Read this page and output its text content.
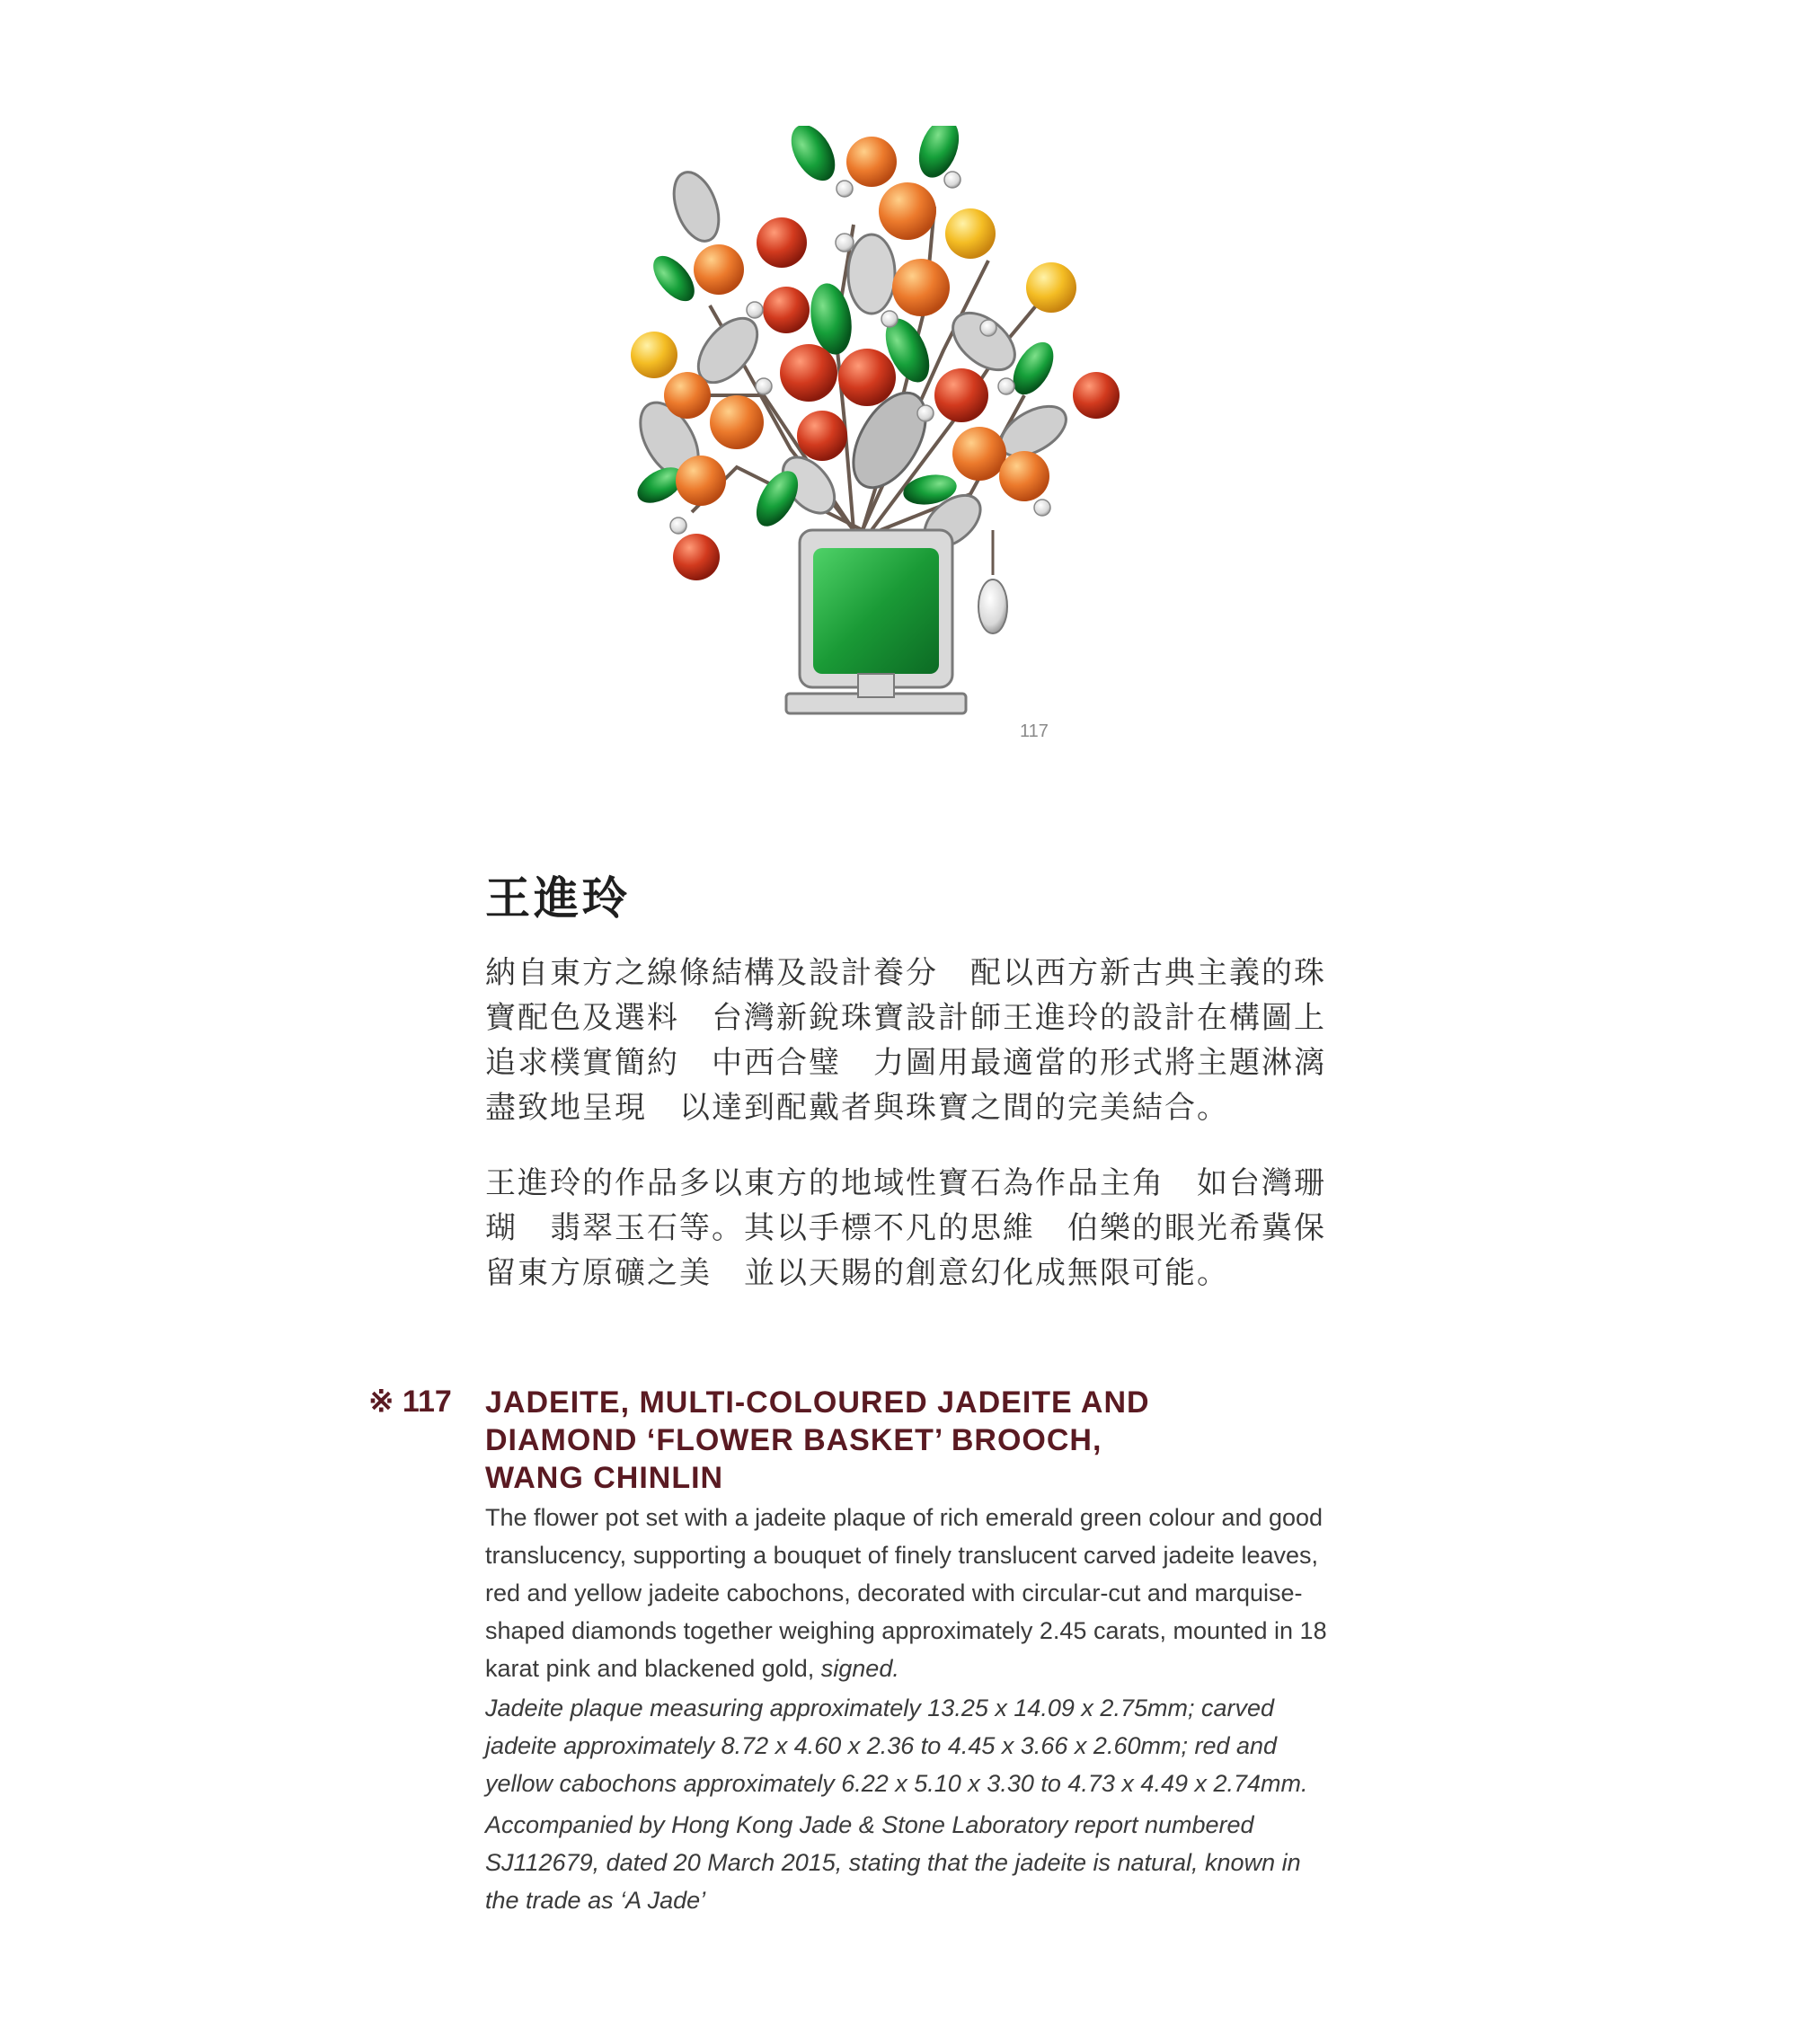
117
王進玲

納自東方之線條結構及設計養分　配以西方新古典主義的珠
寶配色及選料　台灣新銳珠寶設計師王進玲的設計在構圖上
追求樸實簡約　中西合璧　力圖用最適當的形式將主題淋漓
盡致地呈現　以達到配戴者與珠寶之間的完美結合。

王進玲的作品多以東方的地域性寶石為作品主角　如台灣珊
瑚　翡翠玉石等。其以手標不凡的思維　伯樂的眼光希冀保
留東方原礦之美　並以天賜的創意幻化成無限可能。

※ 117 JADEITE, MULTI-COLOURED JADEITE AND
DIAMOND ‘FLOWER BASKET’ BROOCH,
WANG CHINLIN

The flower pot set with a jadeite plaque of rich emerald green colour and good
translucency, supporting a bouquet of finely translucent carved jadeite leaves,
red and yellow jadeite cabochons, decorated with circular-cut and marquise-
shaped diamonds together weighing approximately 2.45 carats, mounted in 18
karat pink and blackened gold, signed.

Jadeite plaque measuring approximately 13.25 x 14.09 x 2.75mm; carved
jadeite approximately 8.72 x 4.60 x 2.36 to 4.45 x 3.66 x 2.60mm; red and
yellow cabochons approximately 6.22 x 5.10 x 3.30 to 4.73 x 4.49 x 2.74mm.

Accompanied by Hong Kong Jade & Stone Laboratory report numbered
SJ112679, dated 20 March 2015, stating that the jadeite is natural, known in
the trade as ‘A Jade’
